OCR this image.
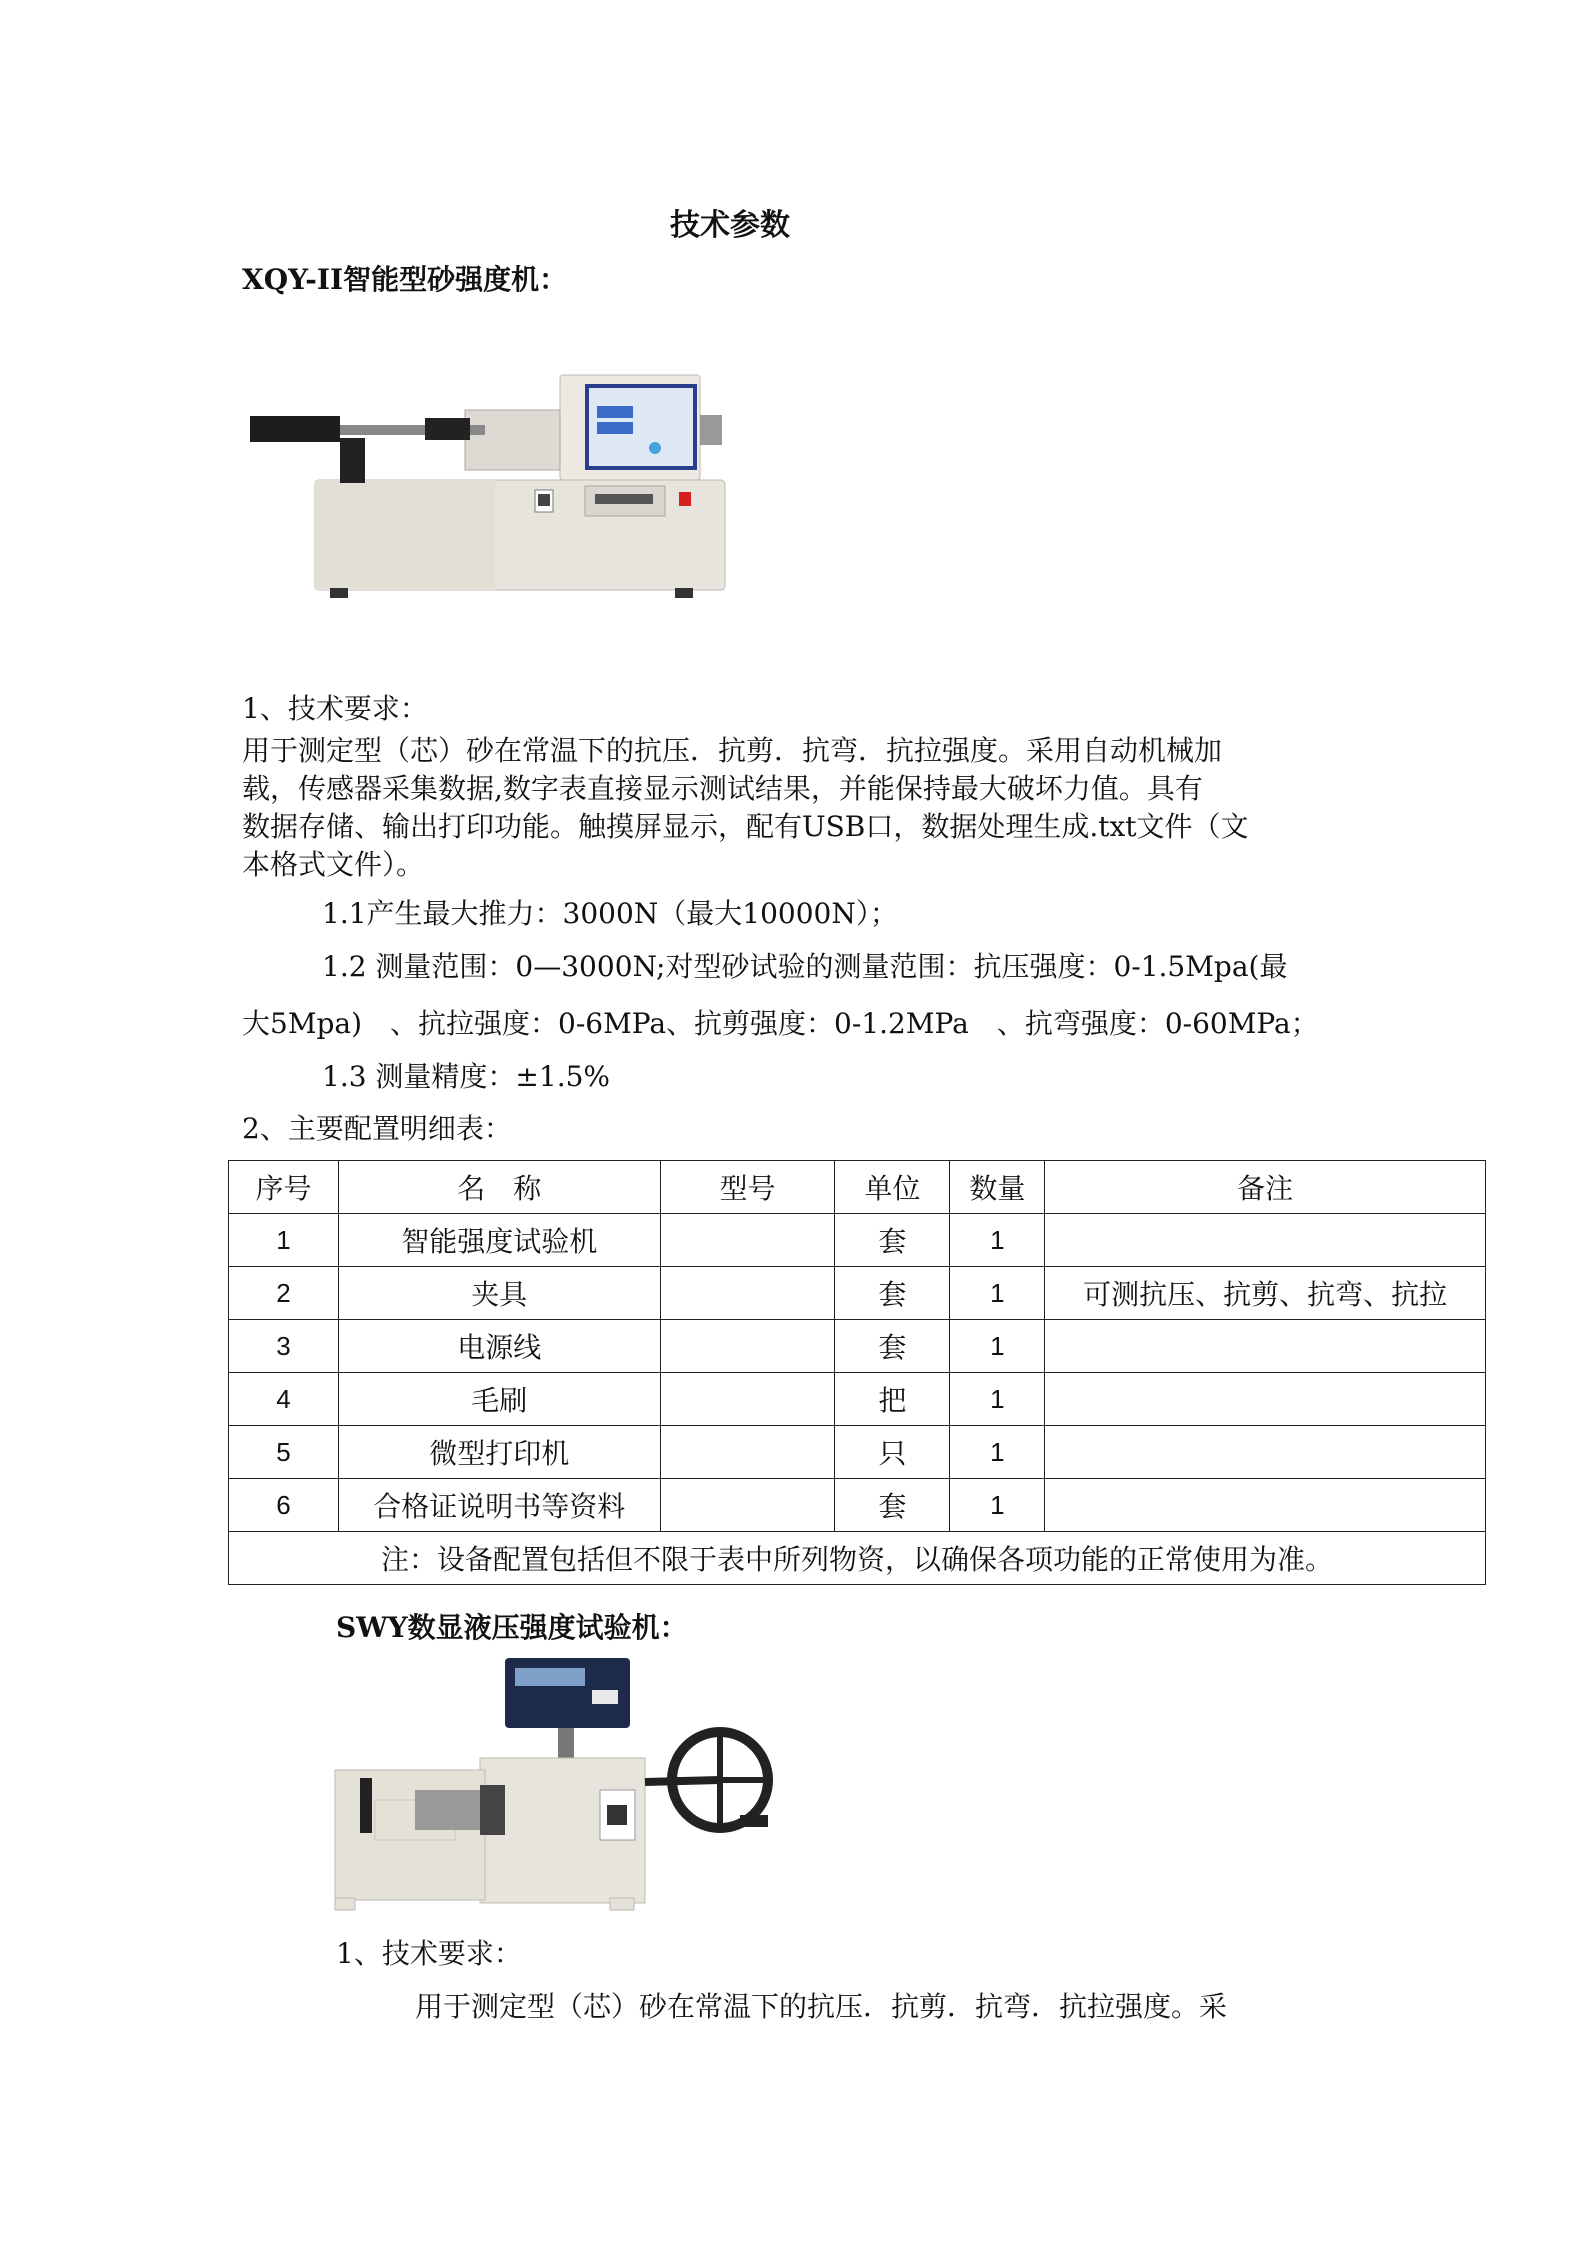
技术参数
XQY-II智能型砂强度机：
1、技术要求：
用于测定型（芯）砂在常温下的抗压．抗剪．抗弯．抗拉强度。采用自动机械加
载，传感器采集数据,数字表直接显示测试结果，并能保持最大破坏力值。具有
数据存储、输出打印功能。触摸屏显示，配有USB口，数据处理生成.txt文件（文
本格式文件）。
1.1产生最大推力：3000N（最大10000N）；
1.2 测量范围：0—3000N;对型砂试验的测量范围：抗压强度：0-1.5Mpa(最
大5Mpa)　、抗拉强度：0-6MPa、抗剪强度：0-1.2MPa　、抗弯强度：0-60MPa；
1.3 测量精度：±1.5%
2、主要配置明细表：
序号	名　称	型号	单位	数量	备注
1	智能强度试验机		套	1	
2	夹具		套	1	可测抗压、抗剪、抗弯、抗拉
3	电源线		套	1	
4	毛刷		把	1	
5	微型打印机		只	1	
6	合格证说明书等资料		套	1	
注：设备配置包括但不限于表中所列物资，以确保各项功能的正常使用为准。					
SWY数显液压强度试验机：
1、技术要求：
用于测定型（芯）砂在常温下的抗压．抗剪．抗弯．抗拉强度。采
